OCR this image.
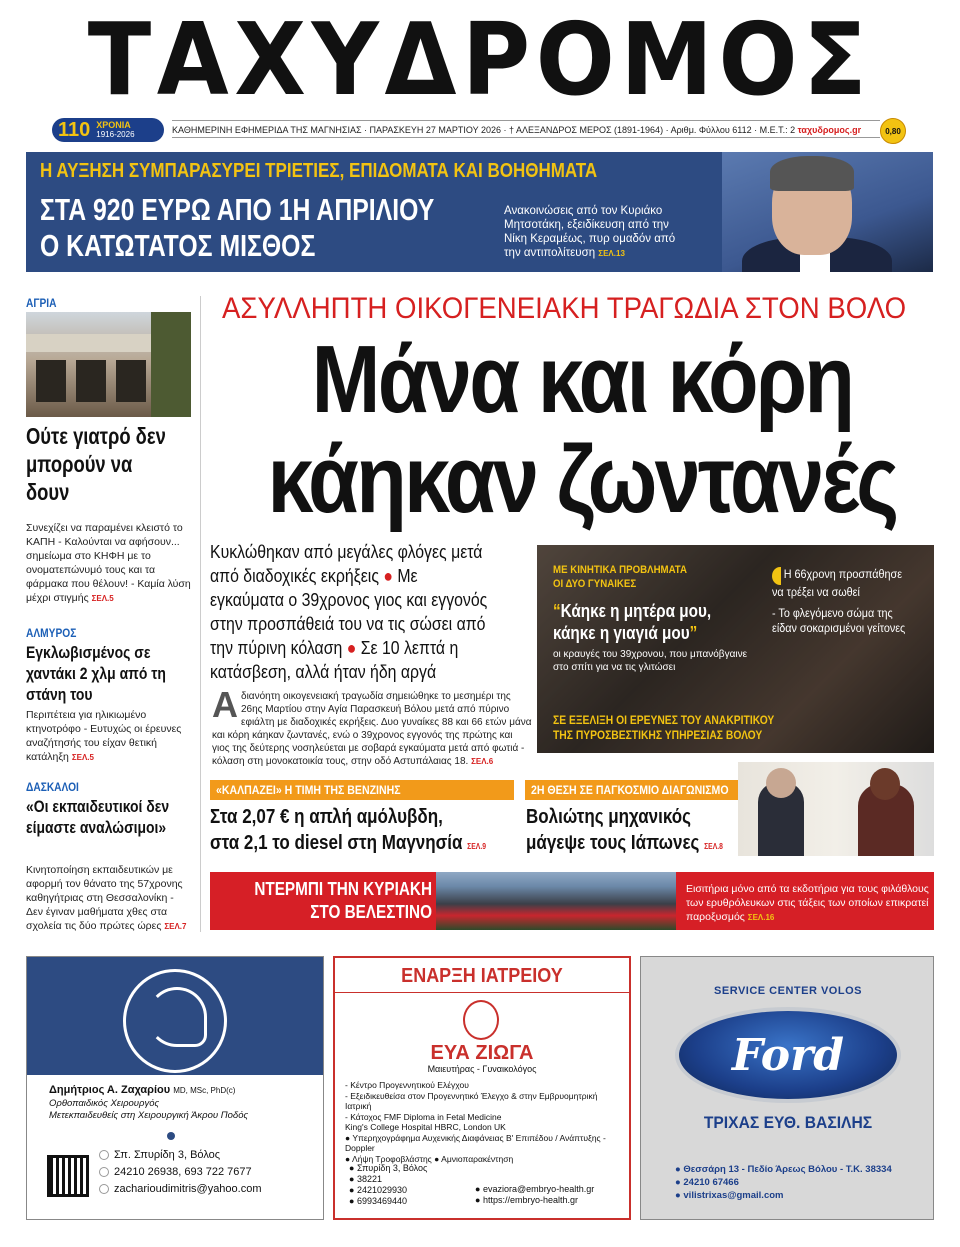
ΤΑΧΥΔΡΟΜΟΣ
110 ΧΡΟΝΙΑ
1916-2026	ΚΑΘΗΜΕΡΙΝΗ ΕΦΗΜΕΡΙΔΑ ΤΗΣ ΜΑΓΝΗΣΙΑΣ · ΠΑΡΑΣΚΕΥΗ 27 ΜΑΡΤΙΟΥ 2026 · † ΑΛΕΞΑΝΔΡΟΣ ΜΕΡΟΣ (1891-1964) · Αριθμ. Φύλλου 6112 · Μ.Ε.Τ.: 2 ταχυδρομος.gr	0,80
Η ΑΥΞΗΣΗ ΣΥΜΠΑΡΑΣΥΡΕΙ ΤΡΙΕΤΙΕΣ, ΕΠΙΔΟΜΑΤΑ ΚΑΙ ΒΟΗΘΗΜΑΤΑ
ΣΤΑ 920 ΕΥΡΩ ΑΠΟ 1Η ΑΠΡΙΛΙΟΥ
Ο ΚΑΤΩΤΑΤΟΣ ΜΙΣΘΟΣ
Ανακοινώσεις από τον Κυριάκο Μητσοτάκη, εξειδίκευση από την Νίκη Κεραμέως, πυρ ομαδόν από την αντιπολίτευση ΣΕΛ.13
ΑΓΡΙΑ
Ούτε γιατρό δεν μπορούν να δουν
Συνεχίζει να παραμένει κλειστό το ΚΑΠΗ - Καλούνται να αφήσουν... σημείωμα στο ΚΗΦΗ με το ονοματεπώνυμό τους και τα φάρμακα που θέλουν! - Καμία λύση μέχρι στιγμής ΣΕΛ.5
ΑΛΜΥΡΟΣ
Εγκλωβισμένος σε χαντάκι 2 χλμ από τη στάνη του
Περιπέτεια για ηλικιωμένο κτηνοτρόφο - Ευτυχώς οι έρευνες αναζήτησής του είχαν θετική κατάληξη ΣΕΛ.5
ΔΑΣΚΑΛΟΙ
«Οι εκπαιδευτικοί δεν είμαστε αναλώσιμοι»
Κινητοποίηση εκπαιδευτικών με αφορμή τον θάνατο της 57χρονης καθηγήτριας στη Θεσσαλονίκη - Δεν έγιναν μαθήματα χθες στα σχολεία τις δύο πρώτες ώρες ΣΕΛ.7
ΑΣΥΛΛΗΠΤΗ ΟΙΚΟΓΕΝΕΙΑΚΗ ΤΡΑΓΩΔΙΑ ΣΤΟΝ ΒΟΛΟ
Μάνα και κόρη
κάηκαν ζωντανές
Κυκλώθηκαν από μεγάλες φλόγες μετά από διαδοχικές εκρήξεις ● Με εγκαύματα ο 39χρονος γιος και εγγονός στην προσπάθειά του να τις σώσει από την πύρινη κόλαση ● Σε 10 λεπτά η κατάσβεση, αλλά ήταν ήδη αργά
Αδιανόητη οικογενειακή τραγωδία σημειώθηκε το μεσημέρι της 26ης Μαρτίου στην Αγία Παρασκευή Βόλου μετά από πύρινο εφιάλτη με διαδοχικές εκρήξεις. Δυο γυναίκες 88 και 66 ετών μάνα και κόρη κάηκαν ζωντανές, ενώ ο 39χρονος εγγονός της πρώτης και γιος της δεύτερης νοσηλεύεται με σοβαρά εγκαύματα μετά από φωτιά - κόλαση στη μονοκατοικία τους, στην οδό Αστυπάλαιας 18. ΣΕΛ.6
ΜΕ ΚΙΝΗΤΙΚΑ ΠΡΟΒΛΗΜΑΤΑ
ΟΙ ΔΥΟ ΓΥΝΑΙΚΕΣ
“Κάηκε η μητέρα μου, κάηκε η γιαγιά μου”
οι κραυγές του 39χρονου, που μπανόβγαινε στο σπίτι για να τις γλιτώσει
Η 66χρονη προσπάθησε να τρέξει να σωθεί
- Το φλεγόμενο σώμα της είδαν σοκαρισμένοι γείτονες
ΣΕ ΕΞΕΛΙΞΗ ΟΙ ΕΡΕΥΝΕΣ ΤΟΥ ΑΝΑΚΡΙΤΙΚΟΥ
ΤΗΣ ΠΥΡΟΣΒΕΣΤΙΚΗΣ ΥΠΗΡΕΣΙΑΣ ΒΟΛΟΥ
«ΚΑΛΠΑΖΕΙ» Η ΤΙΜΗ ΤΗΣ ΒΕΝΖΙΝΗΣ
Στα 2,07 € η απλή αμόλυβδη,
στα 2,1 το diesel στη Μαγνησία ΣΕΛ.9
2Η ΘΕΣΗ ΣΕ ΠΑΓΚΟΣΜΙΟ ΔΙΑΓΩΝΙΣΜΟ
Βολιώτης μηχανικός
μάγεψε τους Ιάπωνες ΣΕΛ.8
ΝΤΕΡΜΠΙ ΤΗΝ ΚΥΡΙΑΚΗ
ΣΤΟ ΒΕΛΕΣΤΙΝΟ
Εισιτήρια μόνο από τα εκδοτήρια για τους φιλάθλους των ερυθρόλευκων στις τάξεις των οποίων επικρατεί παροξυσμός ΣΕΛ.16
Δημήτριος Α. Ζαχαρίου MD, MSc, PhD(c)
Ορθοπαιδικός Χειρουργός
Μετεκπαιδευθείς στη Χειρουργική Άκρου Ποδός
Σπ. Σπυρίδη 3, Βόλος
24210 26938, 693 722 7677
zacharioudimitris@yahoo.com
ΕΝΑΡΞΗ ΙΑΤΡΕΙΟΥ
ΕΥΑ ΖΙΩΓΑ
Μαιευτήρας - Γυναικολόγος
- Κέντρο Προγεννητικού Ελέγχου
- Εξειδικευθείσα στον Προγεννητικό Έλεγχο & στην Εμβρυομητρική Ιατρική
- Κάτοχος FMF Diploma in Fetal Medicine
King's College Hospital HBRC, London UK
● Υπερηχογράφημα Αυχενικής Διαφάνειας Β' Επιπέδου / Ανάπτυξης - Doppler
● Λήψη Τροφοβλάστης ● Αμνιοπαρακέντηση
● Σπυρίδη 3, Βόλος
● 38221
● 2421029930
● 6993469440
● evaziога@embryo-health.gr
● https://embryo-health.gr
SERVICE CENTER VOLOS
Ford
ΤΡΙΧΑΣ ΕΥΘ. ΒΑΣΙΛΗΣ
● Θεσσάρη 13 - Πεδίο Άρεως Βόλου - Τ.Κ. 38334
● 24210 67466
● vilistrixas@gmail.com
